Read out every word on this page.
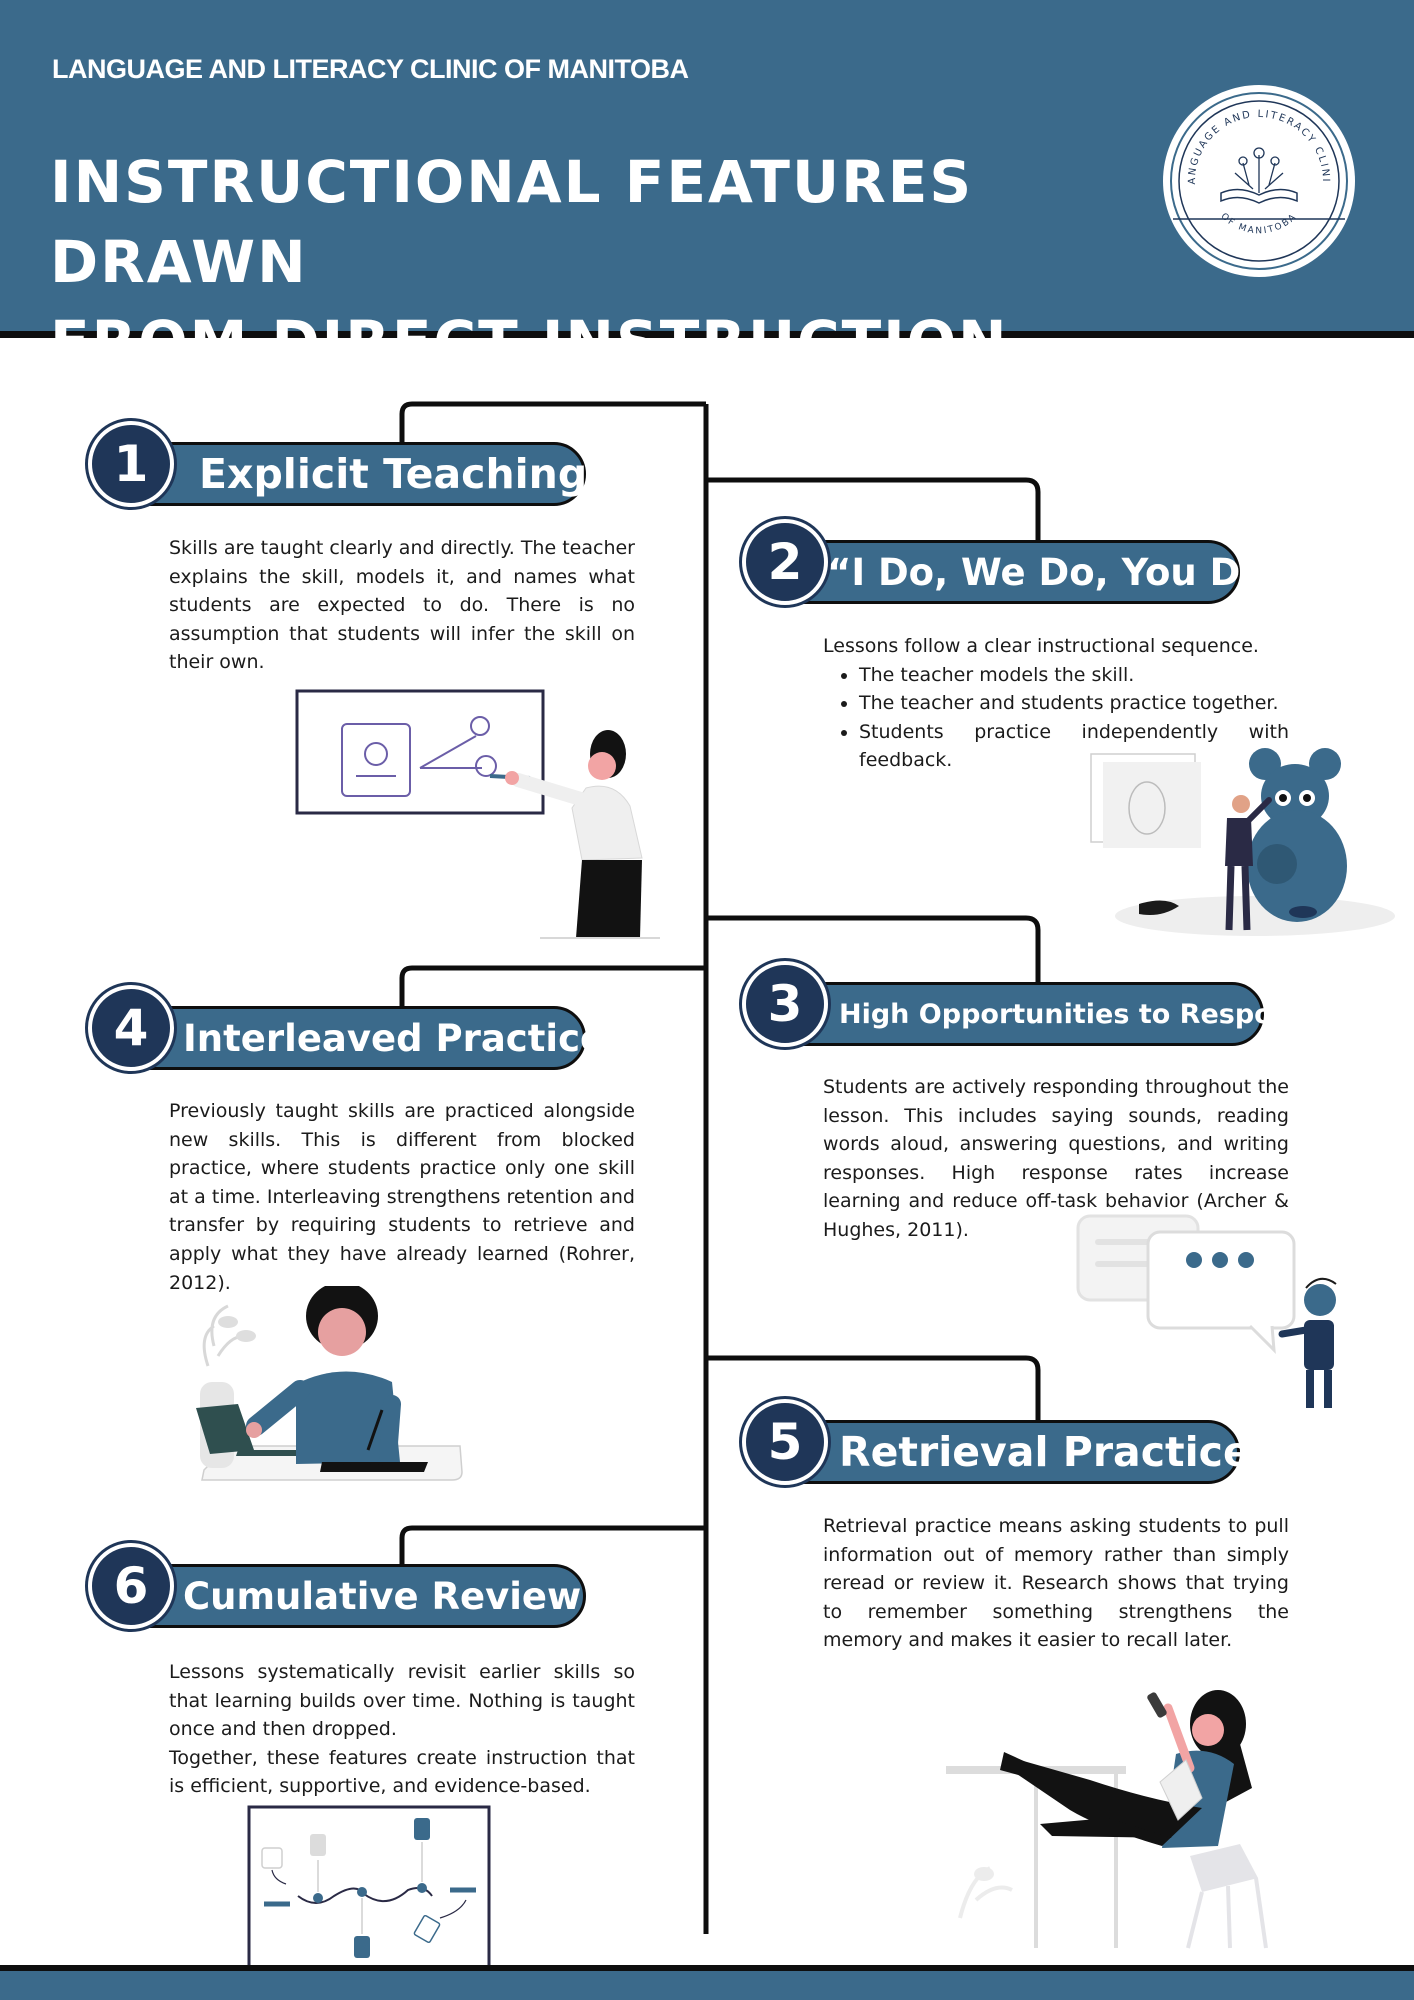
LANGUAGE AND LITERACY CLINIC OF MANITOBA
INSTRUCTIONAL FEATURES DRAWN
FROM DIRECT INSTRUCTION
ANGUAGE AND LITERACY CLINI
OF MANITOBA
Explicit Teaching
1
Skills are taught clearly and directly. The teacher explains the skill, models it, and names what students are expected to do. There is no assumption that students will infer the skill on their own.
“I Do, We Do, You Do”
2
Lessons follow a clear instructional sequence.
• The teacher models the skill.
• The teacher and students practice together.
• Students practice independently with feedback.
High Opportunities to Respond
3
Students are actively responding throughout the lesson. This includes saying sounds, reading words aloud, answering questions, and writing responses. High response rates increase learning and reduce off-task behavior (Archer & Hughes, 2011).
Interleaved Practice
4
Previously taught skills are practiced alongside new skills. This is different from blocked practice, where students practice only one skill at a time. Interleaving strengthens retention and transfer by requiring students to retrieve and apply what they have already learned (Rohrer, 2012).
Retrieval Practice
5
Retrieval practice means asking students to pull information out of memory rather than simply reread or review it. Research shows that trying to remember something strengthens the memory and makes it easier to recall later.
Cumulative Review
6
Lessons systematically revisit earlier skills so that learning builds over time. Nothing is taught once and then dropped.
Together, these features create instruction that is efficient, supportive, and evidence-based.
